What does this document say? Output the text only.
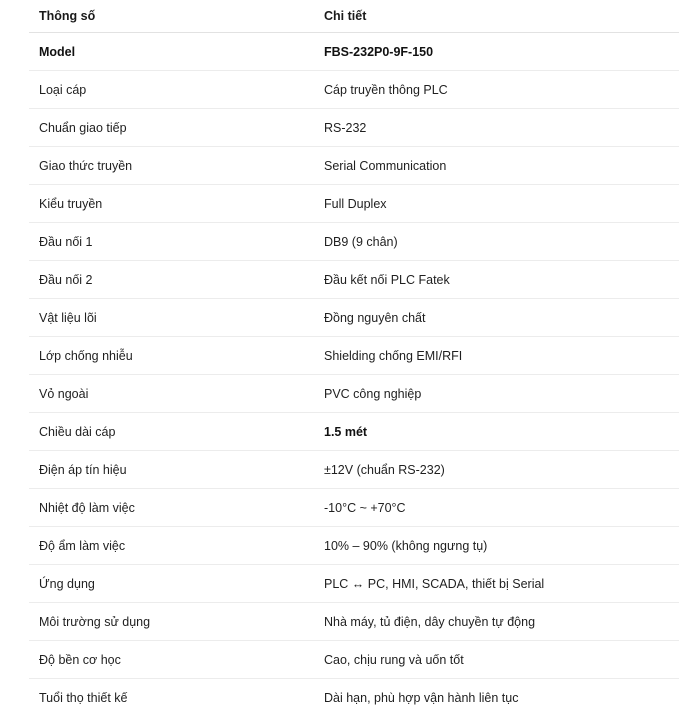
Thông số	Chi tiết
Model	FBS-232P0-9F-150
Loại cáp	Cáp truyền thông PLC
Chuẩn giao tiếp	RS-232
Giao thức truyền	Serial Communication
Kiểu truyền	Full Duplex
Đầu nối 1	DB9 (9 chân)
Đầu nối 2	Đầu kết nối PLC Fatek
Vật liệu lõi	Đồng nguyên chất
Lớp chống nhiễu	Shielding chống EMI/RFI
Vỏ ngoài	PVC công nghiệp
Chiều dài cáp	1.5 mét
Điện áp tín hiệu	±12V (chuẩn RS-232)
Nhiệt độ làm việc	-10°C ~ +70°C
Độ ẩm làm việc	10% – 90% (không ngưng tụ)
Ứng dụng	PLC ↔ PC, HMI, SCADA, thiết bị Serial
Môi trường sử dụng	Nhà máy, tủ điện, dây chuyền tự động
Độ bền cơ học	Cao, chịu rung và uốn tốt
Tuổi thọ thiết kế	Dài hạn, phù hợp vận hành liên tục
